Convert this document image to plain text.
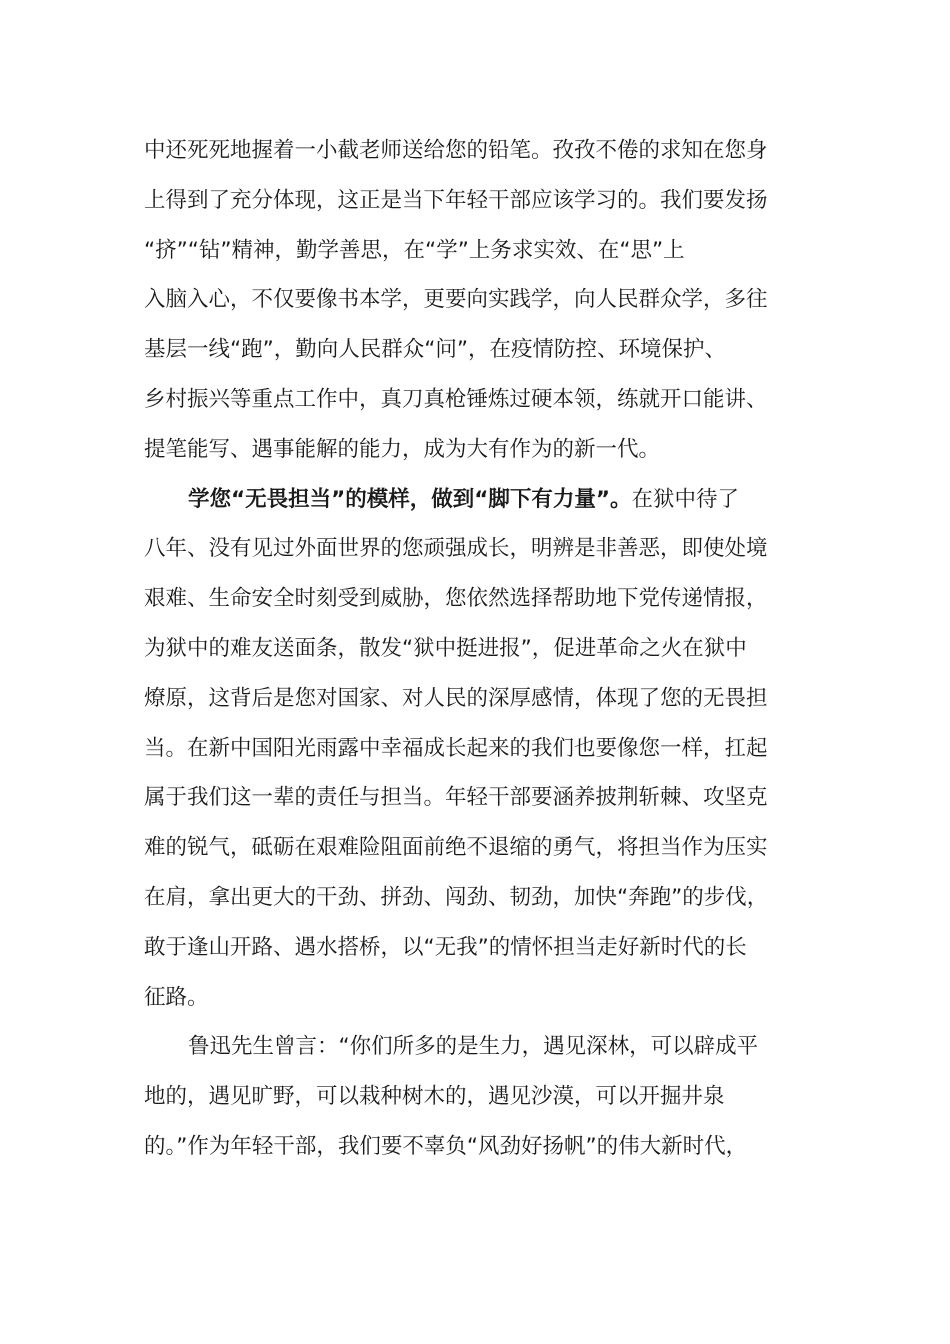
中还死死地握着一小截老师送给您的铅笔。孜孜不倦的求知在您身
上得到了充分体现，这正是当下年轻干部应该学习的。我们要发扬
“挤”“钻”精神，勤学善思，在“学”上务求实效、在“思”上
入脑入心，不仅要像书本学，更要向实践学，向人民群众学，多往
基层一线“跑”，勤向人民群众“问”，在疫情防控、环境保护、
乡村振兴等重点工作中，真刀真枪锤炼过硬本领，练就开口能讲、
提笔能写、遇事能解的能力，成为大有作为的新一代。
学您“无畏担当”的模样，做到“脚下有力量”。在狱中待了
八年、没有见过外面世界的您顽强成长，明辨是非善恶，即使处境
艰难、生命安全时刻受到威胁，您依然选择帮助地下党传递情报，
为狱中的难友送面条，散发“狱中挺进报”，促进革命之火在狱中
燎原，这背后是您对国家、对人民的深厚感情，体现了您的无畏担
当。在新中国阳光雨露中幸福成长起来的我们也要像您一样，扛起
属于我们这一辈的责任与担当。年轻干部要涵养披荆斩棘、攻坚克
难的锐气，砥砺在艰难险阻面前绝不退缩的勇气，将担当作为压实
在肩，拿出更大的干劲、拼劲、闯劲、韧劲，加快“奔跑”的步伐，
敢于逢山开路、遇水搭桥，以“无我”的情怀担当走好新时代的长
征路。
鲁迅先生曾言：“你们所多的是生力，遇见深林，可以辟成平
地的，遇见旷野，可以栽种树木的，遇见沙漠，可以开掘井泉
的。”作为年轻干部，我们要不辜负“风劲好扬帆”的伟大新时代，
